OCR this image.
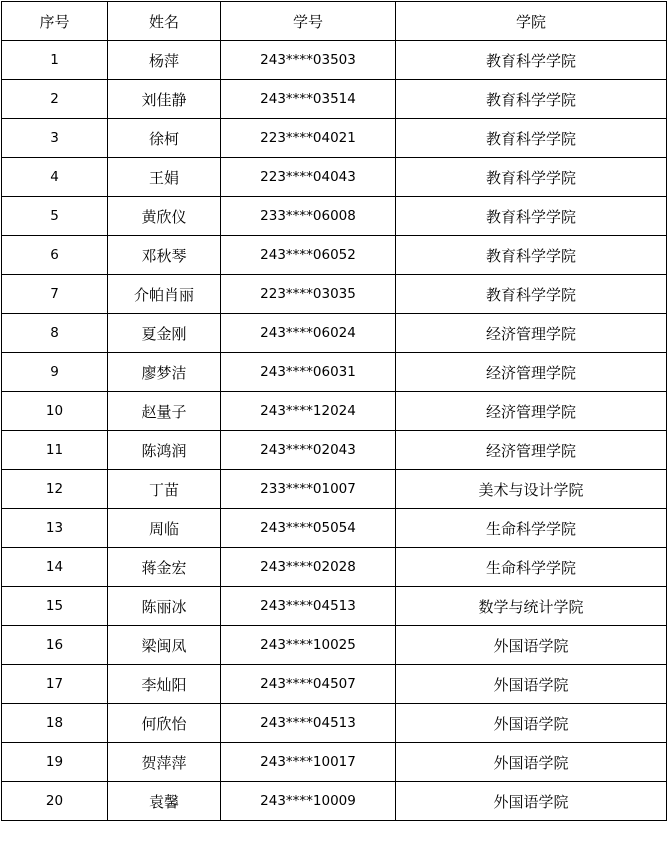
序号	姓名	学号	学院
1	杨萍	243****03503	教育科学学院
2	刘佳静	243****03514	教育科学学院
3	徐柯	223****04021	教育科学学院
4	王娟	223****04043	教育科学学院
5	黄欣仪	233****06008	教育科学学院
6	邓秋琴	243****06052	教育科学学院
7	介帕肖丽	223****03035	教育科学学院
8	夏金刚	243****06024	经济管理学院
9	廖梦洁	243****06031	经济管理学院
10	赵量子	243****12024	经济管理学院
11	陈鸿润	243****02043	经济管理学院
12	丁苗	233****01007	美术与设计学院
13	周临	243****05054	生命科学学院
14	蒋金宏	243****02028	生命科学学院
15	陈丽冰	243****04513	数学与统计学院
16	梁闽凤	243****10025	外国语学院
17	李灿阳	243****04507	外国语学院
18	何欣怡	243****04513	外国语学院
19	贺萍萍	243****10017	外国语学院
20	袁馨	243****10009	外国语学院
